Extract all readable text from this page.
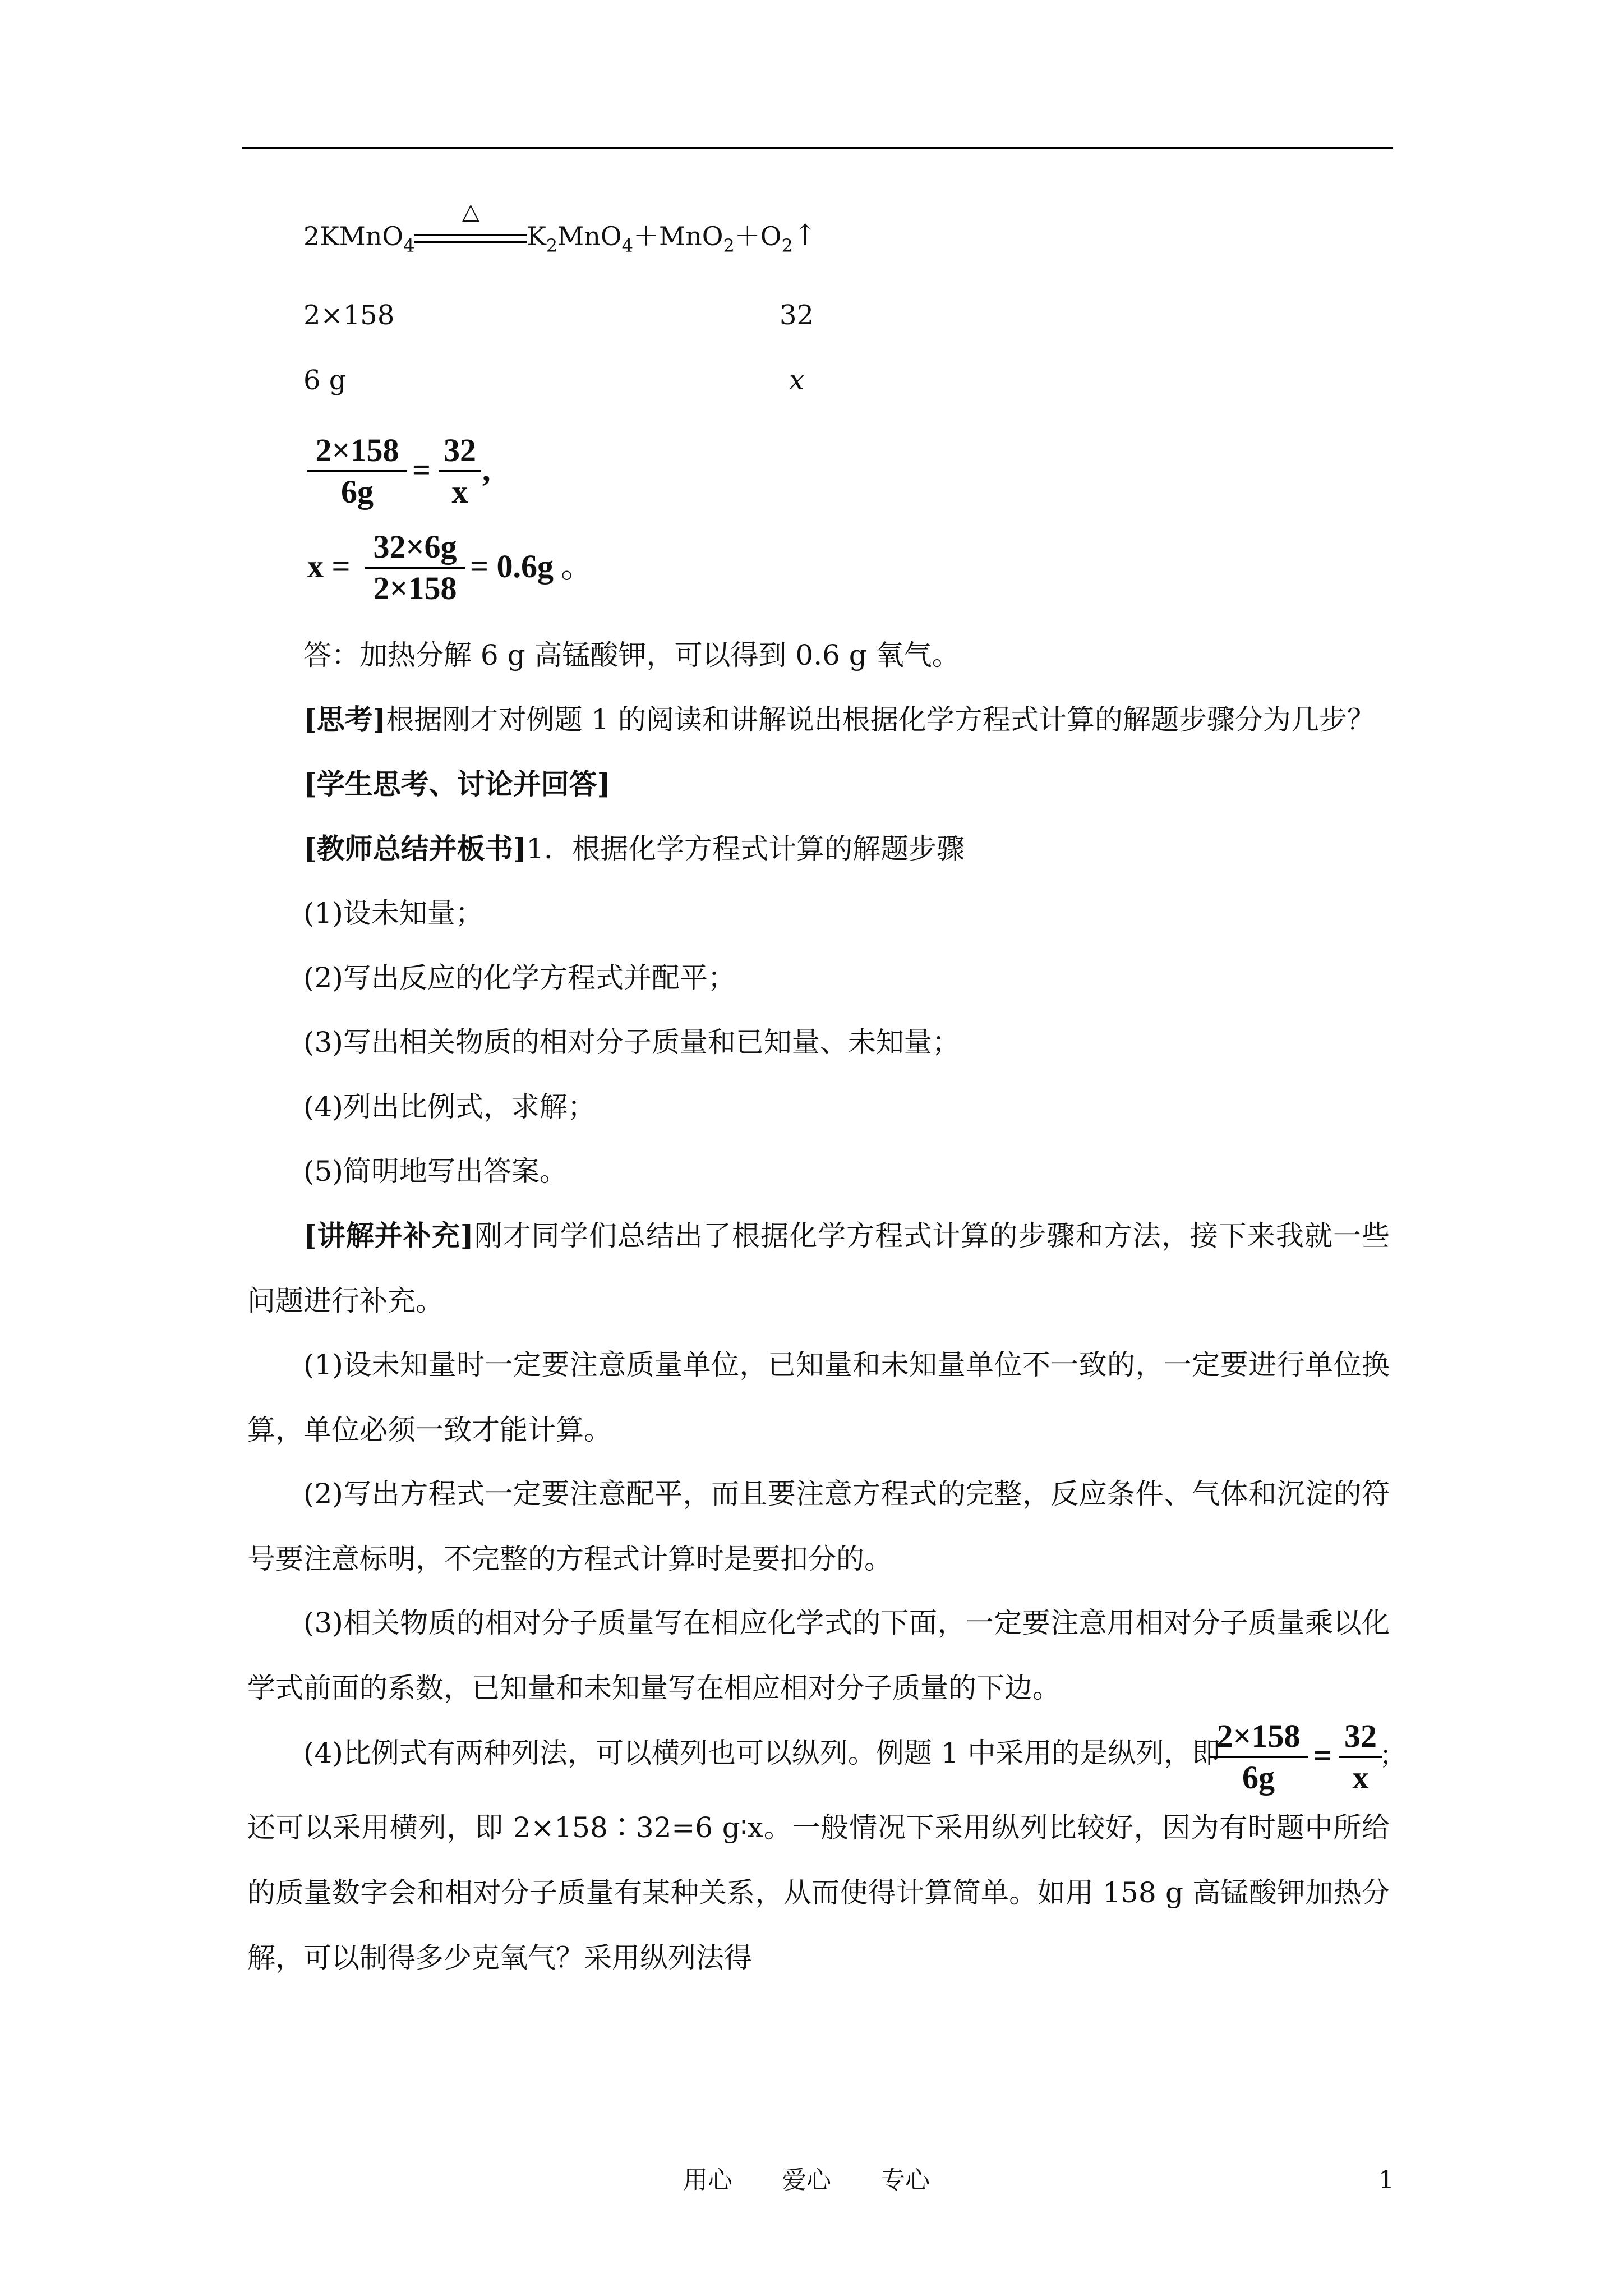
2KMnO$_4$
△
$K_2MnO_4+MnO_2+O_2↑$
2×158	32
6 g	x
2×158
6g
=
32
x
,
x =
32×6g
2×158
= 0.6g 。
答：加热分解 6 g 高锰酸钾，可以得到 0.6 g 氧气。
[思考]根据刚才对例题 1 的阅读和讲解说出根据化学方程式计算的解题步骤分为几步？
[学生思考、讨论并回答]
[教师总结并板书]1．根据化学方程式计算的解题步骤
(1)设未知量；
(2)写出反应的化学方程式并配平；
(3)写出相关物质的相对分子质量和已知量、未知量；
(4)列出比例式，求解；
(5)简明地写出答案。
[讲解并补充]刚才同学们总结出了根据化学方程式计算的步骤和方法，接下来我就一些问题进行补充。
(1)设未知量时一定要注意质量单位，已知量和未知量单位不一致的，一定要进行单位换算，单位必须一致才能计算。
(2)写出方程式一定要注意配平，而且要注意方程式的完整，反应条件、气体和沉淀的符号要注意标明，不完整的方程式计算时是要扣分的。
(3)相关物质的相对分子质量写在相应化学式的下面，一定要注意用相对分子质量乘以化学式前面的系数，已知量和未知量写在相应相对分子质量的下边。
(4)比例式有两种列法，可以横列也可以纵列。例题 1 中采用的是纵列，即
2×158
6g
=
32
x
；
还可以采用横列，即 2×158∶32=6 g∶x。一般情况下采用纵列比较好，因为有时题中所给的质量数字会和相对分子质量有某种关系，从而使得计算简单。如用 158 g 高锰酸钾加热分解，可以制得多少克氧气？采用纵列法得
用心　　爱心　　专心	1
